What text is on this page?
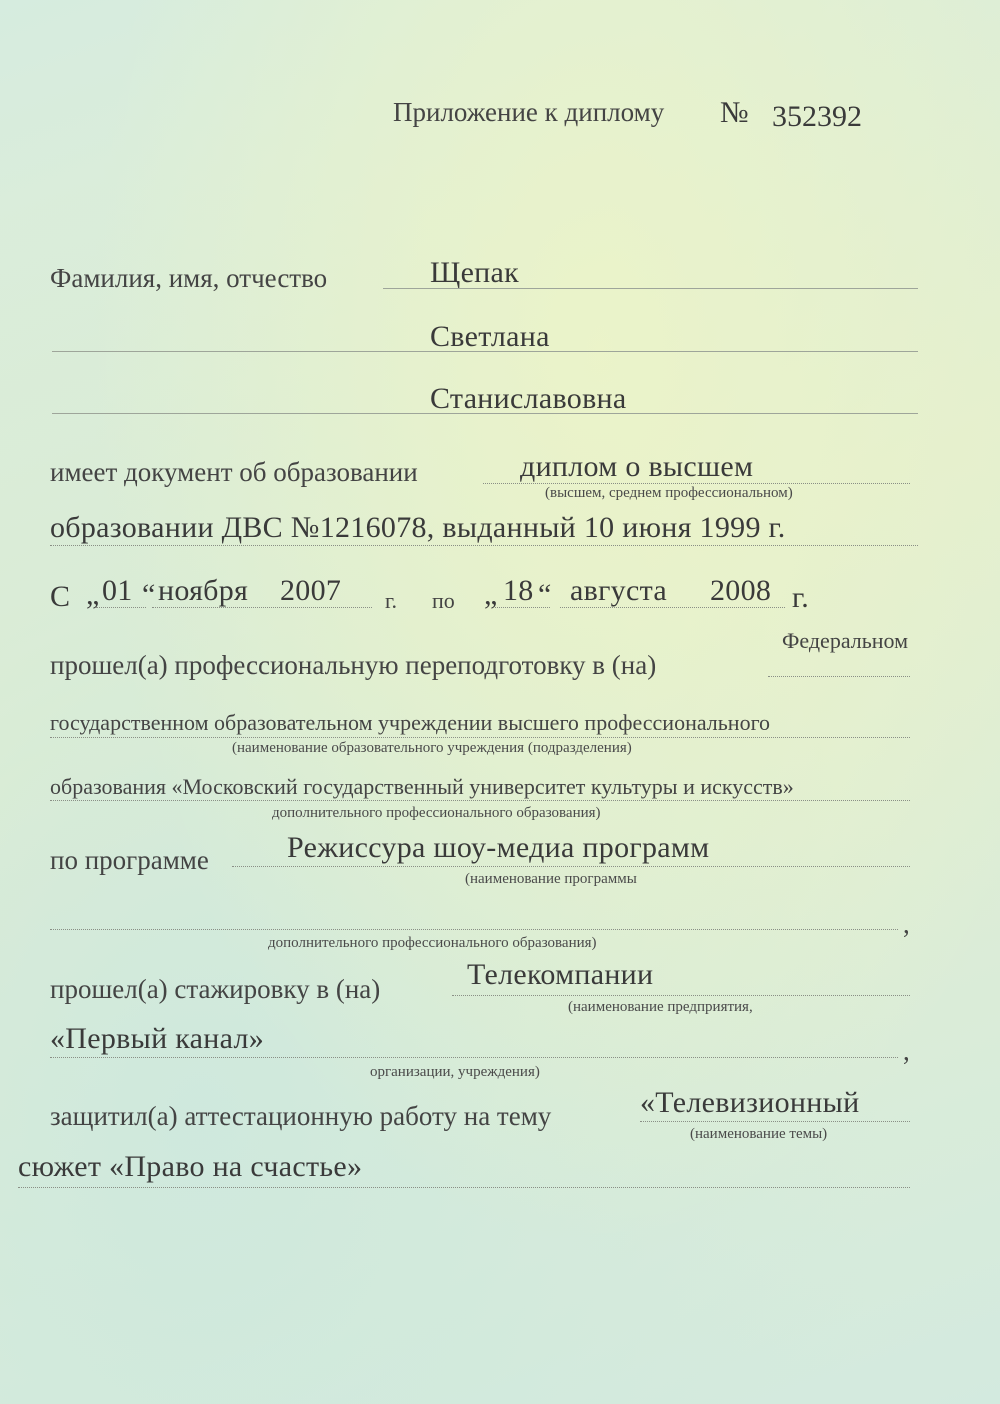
Приложение к диплому № 352392
Фамилия, имя, отчество	Щепак
Светлана
Станиславовна
имеет документ об образовании	диплом о высшем
(высшем, среднем профессиональном)
образовании ДВС №1216078, выданный 10 июня 1999 г.
С „ 01 “ ноября 2007 г. по „ 18 “ августа 2008 г.
Федеральном
прошел(а) профессиональную переподготовку в (на)
государственном образовательном учреждении высшего профессионального
(наименование образовательного учреждения (подразделения)
образования «Московский государственный университет культуры и искусств»
дополнительного профессионального образования)
по программе	Режиссура шоу-медиа программ
(наименование программы
,
дополнительного профессионального образования)
прошел(а) стажировку в (на)	Телекомпании
(наименование предприятия,
«Первый канал»	,
организации, учреждения)
защитил(а) аттестационную работу на тему	«Телевизионный
(наименование темы)
сюжет «Право на счастье»
